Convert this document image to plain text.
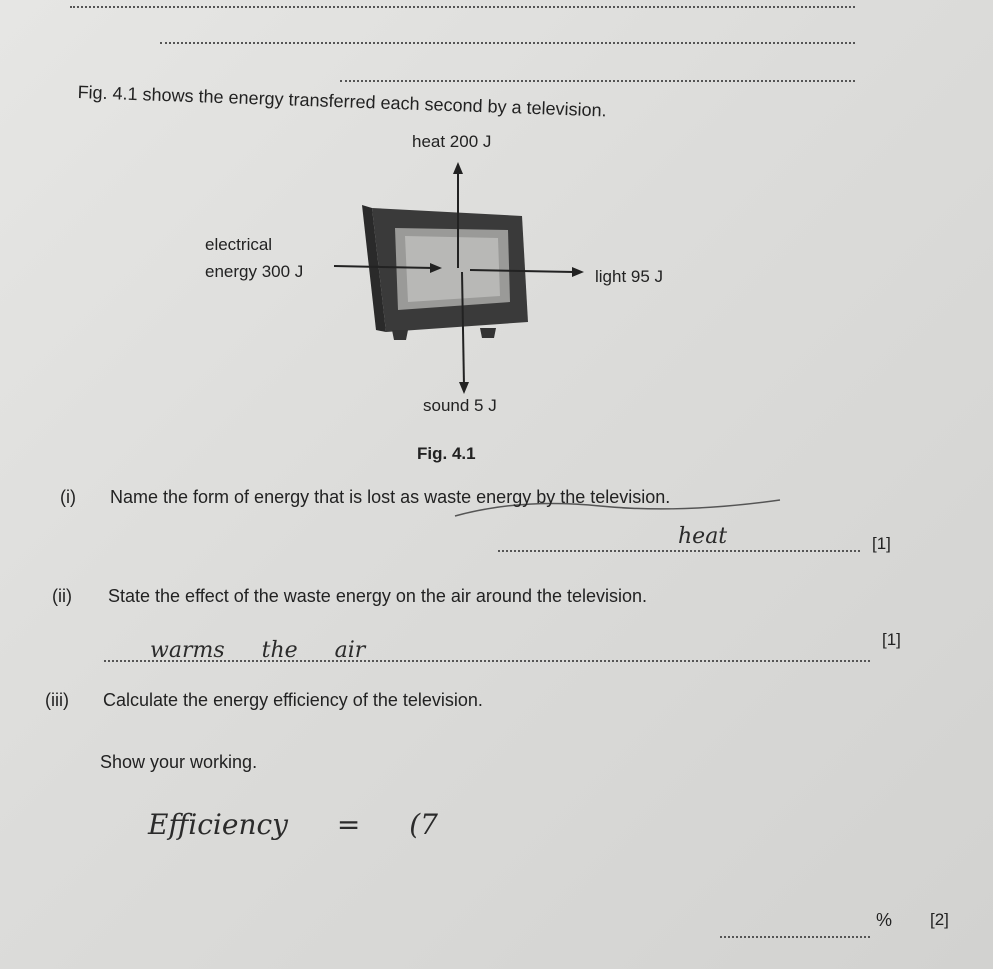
Fig. 4.1 shows the energy transferred each second by a television.
heat 200 J
electrical
energy 300 J	light 95 J
sound 5 J
Fig. 4.1
(i) Name the form of energy that is lost as waste energy by the television.
heat	[1]
(ii) State the effect of the waste energy on the air around the television.
warms the air	[1]
(iii) Calculate the energy efficiency of the television.
Show your working.
Efficiency = (7
% [2]
